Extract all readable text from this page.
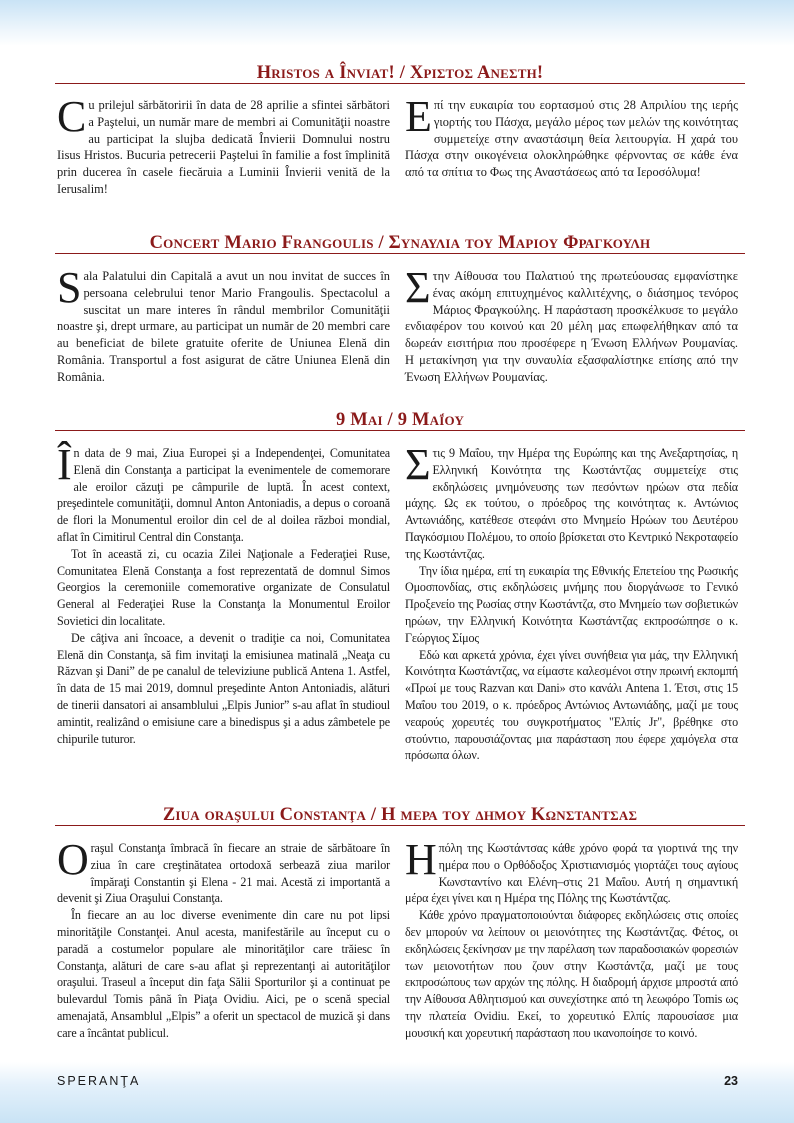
Hristos a Înviat! / Χριστος Ανεστη!

Cu prilejul sărbătoririi în data de 28 aprilie a sfintei sărbători a Paştelui, un număr mare de membri ai Comunităţii noastre au participat la slujba dedicată Învierii Domnului nostru Iisus Hristos. Bucuria petrecerii Paştelui în familie a fost împlinită prin ducerea în casele fiecăruia a Luminii Învierii venită de la Ierusalim!

Επί την ευκαιρία του εορτασμού στις 28 Απριλίου της ιερής γιορτής του Πάσχα, μεγάλο μέρος των μελών της κοινότητας συμμετείχε στην αναστάσιμη θεία λειτουργία. Η χαρά του Πάσχα στην οικογένεια ολοκληρώθηκε φέρνοντας σε κάθε ένα από τα σπίτια το Φως της Αναστάσεως από τα Ιεροσόλυμα!

Concert Mario Frangoulis / Συναυλια του Μαριου Φραγκουλη

Sala Palatului din Capitală a avut un nou invitat de succes în persoana celebrului tenor Mario Frangoulis. Spectacolul a suscitat un mare interes în rândul membrilor Comunităţii noastre şi, drept urmare, au participat un număr de 20 membri care au beneficiat de bilete gratuite oferite de Uniunea Elenă din România. Transportul a fost asigurat de către Uniunea Elenă din România.

Στην Αίθουσα του Παλατιού της πρωτεύουσας εμφανίστηκε ένας ακόμη επιτυχημένος καλλιτέχνης, ο διάσημος τενόρος Μάριος Φραγκούλης. Η παράσταση προσκέλκυσε το μεγάλο ενδιαφέρον του κοινού και 20 μέλη μας επωφελήθηκαν από τα δωρεάν εισιτήρια που προσέφερε η Ένωση Ελλήνων Ρουμανίας. Η μετακίνηση για την συναυλία εξασφαλίστηκε επίσης από την Ένωση Ελλήνων Ρουμανίας.

9 Mai / 9 Μαΐου

În data de 9 mai, Ziua Europei şi a Independenţei, Comunitatea Elenă din Constanţa a participat la evenimentele de comemorare ale eroilor căzuţi pe câmpurile de luptă. În acest context, preşedintele comunităţii, domnul Anton Antoniadis, a depus o coroană de flori la Monumentul eroilor din cel de al doilea război mondial, aflat în Cimitirul Central din Constanţa.

Tot în această zi, cu ocazia Zilei Naţionale a Federaţiei Ruse, Comunitatea Elenă Constanţa a fost reprezentată de domnul Simos Georgios la ceremoniile comemorative organizate de Consulatul General al Federaţiei Ruse la Constanţa la Monumentul Eroilor Sovietici din localitate.

De câţiva ani încoace, a devenit o tradiţie ca noi, Comunitatea Elenă din Constanţa, să fim invitaţi la emisiunea matinală „Neaţa cu Răzvan şi Dani” de pe canalul de televiziune publică Antena 1. Astfel, în data de 15 mai 2019, domnul preşedinte Anton Antoniadis, alături de tinerii dansatori ai ansamblului „Elpis Junior” s-au aflat în studioul amintit, realizând o emisiune care a binedispus şi a adus zâmbetele pe chipurile tuturor.

Στις 9 Μαΐου, την Ημέρα της Ευρώπης και της Ανεξαρτησίας, η Ελληνική Κοινότητα της Κωστάντζας συμμετείχε στις εκδηλώσεις μνημόνευσης των πεσόντων ηρώων στα πεδία μάχης. Ως εκ τούτου, ο πρόεδρος της κοινότητας κ. Αντώνιος Αντωνιάδης, κατέθεσε στεφάνι στο Μνημείο Ηρώων του Δευτέρου Παγκόσμιου Πολέμου, το οποίο βρίσκεται στο Κεντρικό Νεκροταφείο της Κωστάντζας.

Την ίδια ημέρα, επί τη ευκαιρία της Εθνικής Επετείου της Ρωσικής Ομοσπονδίας, στις εκδηλώσεις μνήμης που διοργάνωσε το Γενικό Προξενείο της Ρωσίας στην Κωστάντζα, στο Μνημείο των σοβιετικών ηρώων, την Ελληνική Κοινότητα Κωστάντζας εκπροσώπησε ο κ. Γεώργιος Σίμος

Εδώ και αρκετά χρόνια, έχει γίνει συνήθεια για μάς, την Ελληνική Κοινότητα Κωστάντζας, να είμαστε καλεσμένοι στην πρωινή εκπομπή «Πρωί με τους Razvan και Dani» στο κανάλι Antena 1. Έτσι, στις 15 Μαΐου του 2019, ο κ. πρόεδρος Αντώνιος Αντωνιάδης, μαζί με τους νεαρούς χορευτές του συγκροτήματος "Ελπίς Jr", βρέθηκε στο στούντιο, παρουσιάζοντας μια παράσταση που έφερε χαμόγελα στα πρόσωπα όλων.

Ziua oraşului Constanţa / Η μερα του δημου Κωνσταντσας

Oraşul Constanţa îmbracă în fiecare an straie de sărbătoare în ziua în care creştinătatea ortodoxă serbează ziua marilor împăraţi Constantin şi Elena - 21 mai. Acestă zi importantă a devenit şi Ziua Oraşului Constanţa.

În fiecare an au loc diverse evenimente din care nu pot lipsi minorităţile Constanţei. Anul acesta, manifestările au început cu o paradă a costumelor populare ale minorităţilor care trăiesc în Constanţa, alături de care s-au aflat şi reprezentanţi ai autorităţilor oraşului. Traseul a început din faţa Sălii Sporturilor şi a continuat pe bulevardul Tomis până în Piaţa Ovidiu. Aici, pe o scenă special amenajată, Ansamblul „Elpis” a oferit un spectacol de muzică şi dans care a încântat publicul.

Ηπόλη της Κωστάντσας κάθε χρόνο φορά τα γιορτινά της την ημέρα που ο Ορθόδοξος Χριστιανισμός γιορτάζει τους αγίους Κωνσταντίνο και Ελένη–στις 21 Μαΐου. Αυτή η σημαντική μέρα έχει γίνει και η Ημέρα της Πόλης της Κωστάντζας.

Κάθε χρόνο πραγματοποιούνται διάφορες εκδηλώσεις στις οποίες δεν μπορούν να λείπουν οι μειονότητες της Κωστάντζας. Φέτος, οι εκδηλώσεις ξεκίνησαν με την παρέλαση των παραδοσιακών φορεσιών των μειονοτήτων που ζουν στην Κωστάντζα, μαζί με τους εκπροσώπους των αρχών της πόλης. Η διαδρομή άρχισε μπροστά από την Αίθουσα Αθλητισμού και συνεχίστηκε από τη λεωφόρο Tomis ως την πλατεία Ovidiu. Εκεί, το χορευτικό Ελπίς παρουσίασε μια μουσική και χορευτική παράσταση που ικανοποίησε το κοινό.

SPERANŢA	23
